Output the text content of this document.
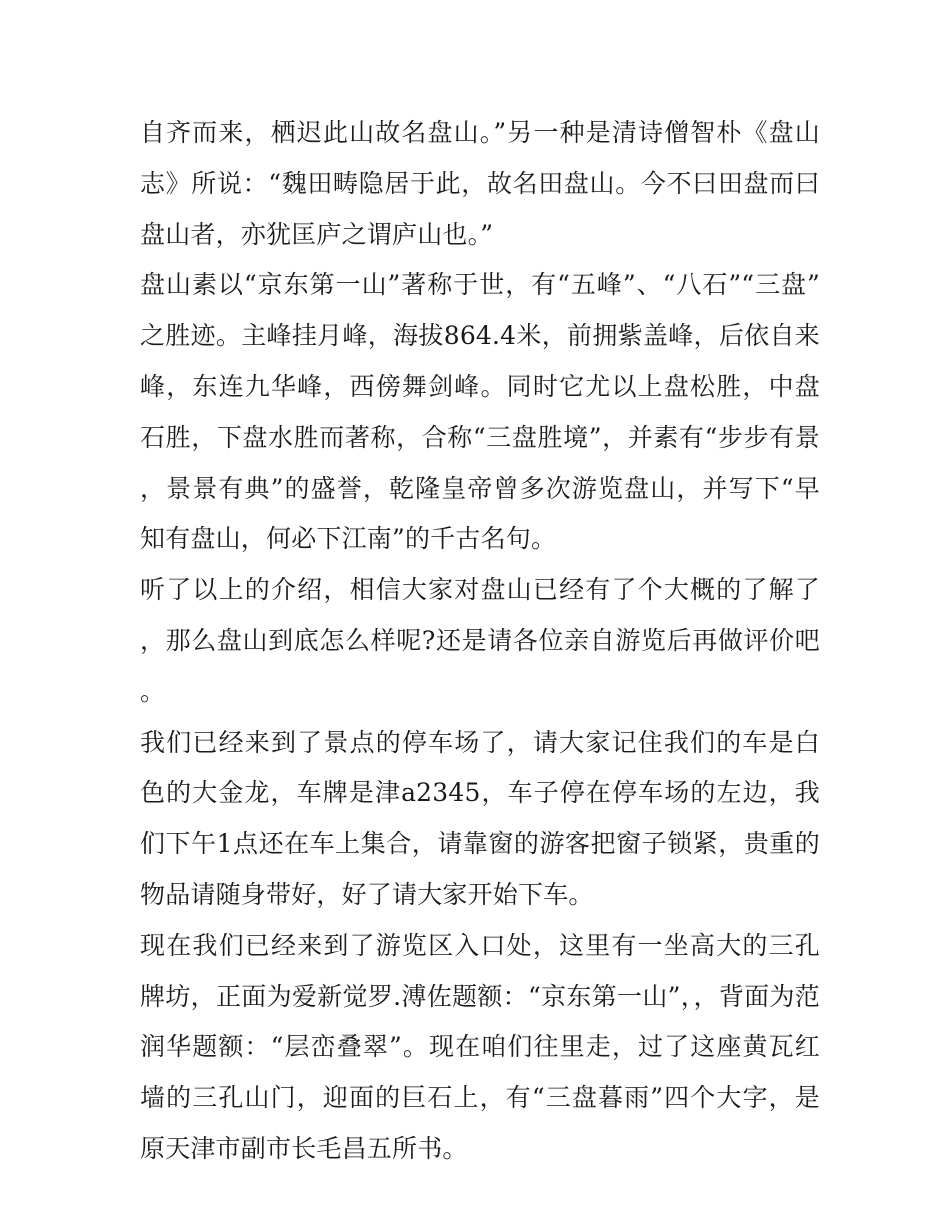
自齐而来，栖迟此山故名盘山。”另一种是清诗僧智朴《盘山志》所说：“魏田畴隐居于此，故名田盘山。今不曰田盘而曰盘山者，亦犹匡庐之谓庐山也。”

盘山素以“京东第一山”著称于世，有“五峰”、“八石”“三盘”之胜迹。主峰挂月峰，海拔864.4米，前拥紫盖峰，后依自来峰，东连九华峰，西傍舞剑峰。同时它尤以上盘松胜，中盘石胜，下盘水胜而著称，合称“三盘胜境”，并素有“步步有景，景景有典”的盛誉，乾隆皇帝曾多次游览盘山，并写下“早知有盘山，何必下江南”的千古名句。

听了以上的介绍，相信大家对盘山已经有了个大概的了解了，那么盘山到底怎么样呢?还是请各位亲自游览后再做评价吧。

我们已经来到了景点的停车场了，请大家记住我们的车是白色的大金龙，车牌是津a2345，车子停在停车场的左边，我们下午1点还在车上集合，请靠窗的游客把窗子锁紧，贵重的物品请随身带好，好了请大家开始下车。

现在我们已经来到了游览区入口处，这里有一坐高大的三孔牌坊，正面为爱新觉罗.溥佐题额：“京东第一山”，，背面为范润华题额：“层峦叠翠”。现在咱们往里走，过了这座黄瓦红墙的三孔山门，迎面的巨石上，有“三盘暮雨”四个大字，是原天津市副市长毛昌五所书。
